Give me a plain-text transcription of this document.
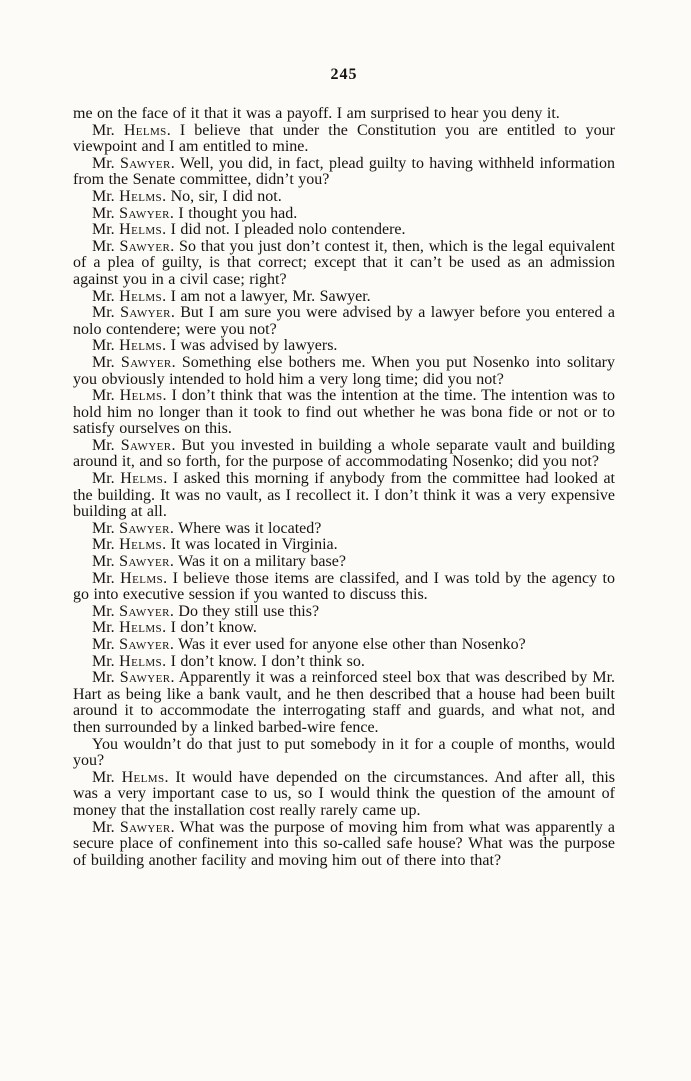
245

me on the face of it that it was a payoff. I am surprised to hear you deny it.

Mr. Helms. I believe that under the Constitution you are entitled to your viewpoint and I am entitled to mine.

Mr. Sawyer. Well, you did, in fact, plead guilty to having withheld information from the Senate committee, didn’t you?

Mr. Helms. No, sir, I did not.

Mr. Sawyer. I thought you had.

Mr. Helms. I did not. I pleaded nolo contendere.

Mr. Sawyer. So that you just don’t contest it, then, which is the legal equivalent of a plea of guilty, is that correct; except that it can’t be used as an admission against you in a civil case; right?

Mr. Helms. I am not a lawyer, Mr. Sawyer.

Mr. Sawyer. But I am sure you were advised by a lawyer before you entered a nolo contendere; were you not?

Mr. Helms. I was advised by lawyers.

Mr. Sawyer. Something else bothers me. When you put Nosenko into solitary you obviously intended to hold him a very long time; did you not?

Mr. Helms. I don’t think that was the intention at the time. The intention was to hold him no longer than it took to find out whether he was bona fide or not or to satisfy ourselves on this.

Mr. Sawyer. But you invested in building a whole separate vault and building around it, and so forth, for the purpose of accommodating Nosenko; did you not?

Mr. Helms. I asked this morning if anybody from the committee had looked at the building. It was no vault, as I recollect it. I don’t think it was a very expensive building at all.

Mr. Sawyer. Where was it located?

Mr. Helms. It was located in Virginia.

Mr. Sawyer. Was it on a military base?

Mr. Helms. I believe those items are classifed, and I was told by the agency to go into executive session if you wanted to discuss this.

Mr. Sawyer. Do they still use this?

Mr. Helms. I don’t know.

Mr. Sawyer. Was it ever used for anyone else other than Nosenko?

Mr. Helms. I don’t know. I don’t think so.

Mr. Sawyer. Apparently it was a reinforced steel box that was described by Mr. Hart as being like a bank vault, and he then described that a house had been built around it to accommodate the interrogating staff and guards, and what not, and then surrounded by a linked barbed-wire fence.

You wouldn’t do that just to put somebody in it for a couple of months, would you?

Mr. Helms. It would have depended on the circumstances. And after all, this was a very important case to us, so I would think the question of the amount of money that the installation cost really rarely came up.

Mr. Sawyer. What was the purpose of moving him from what was apparently a secure place of confinement into this so-called safe house? What was the purpose of building another facility and moving him out of there into that?
